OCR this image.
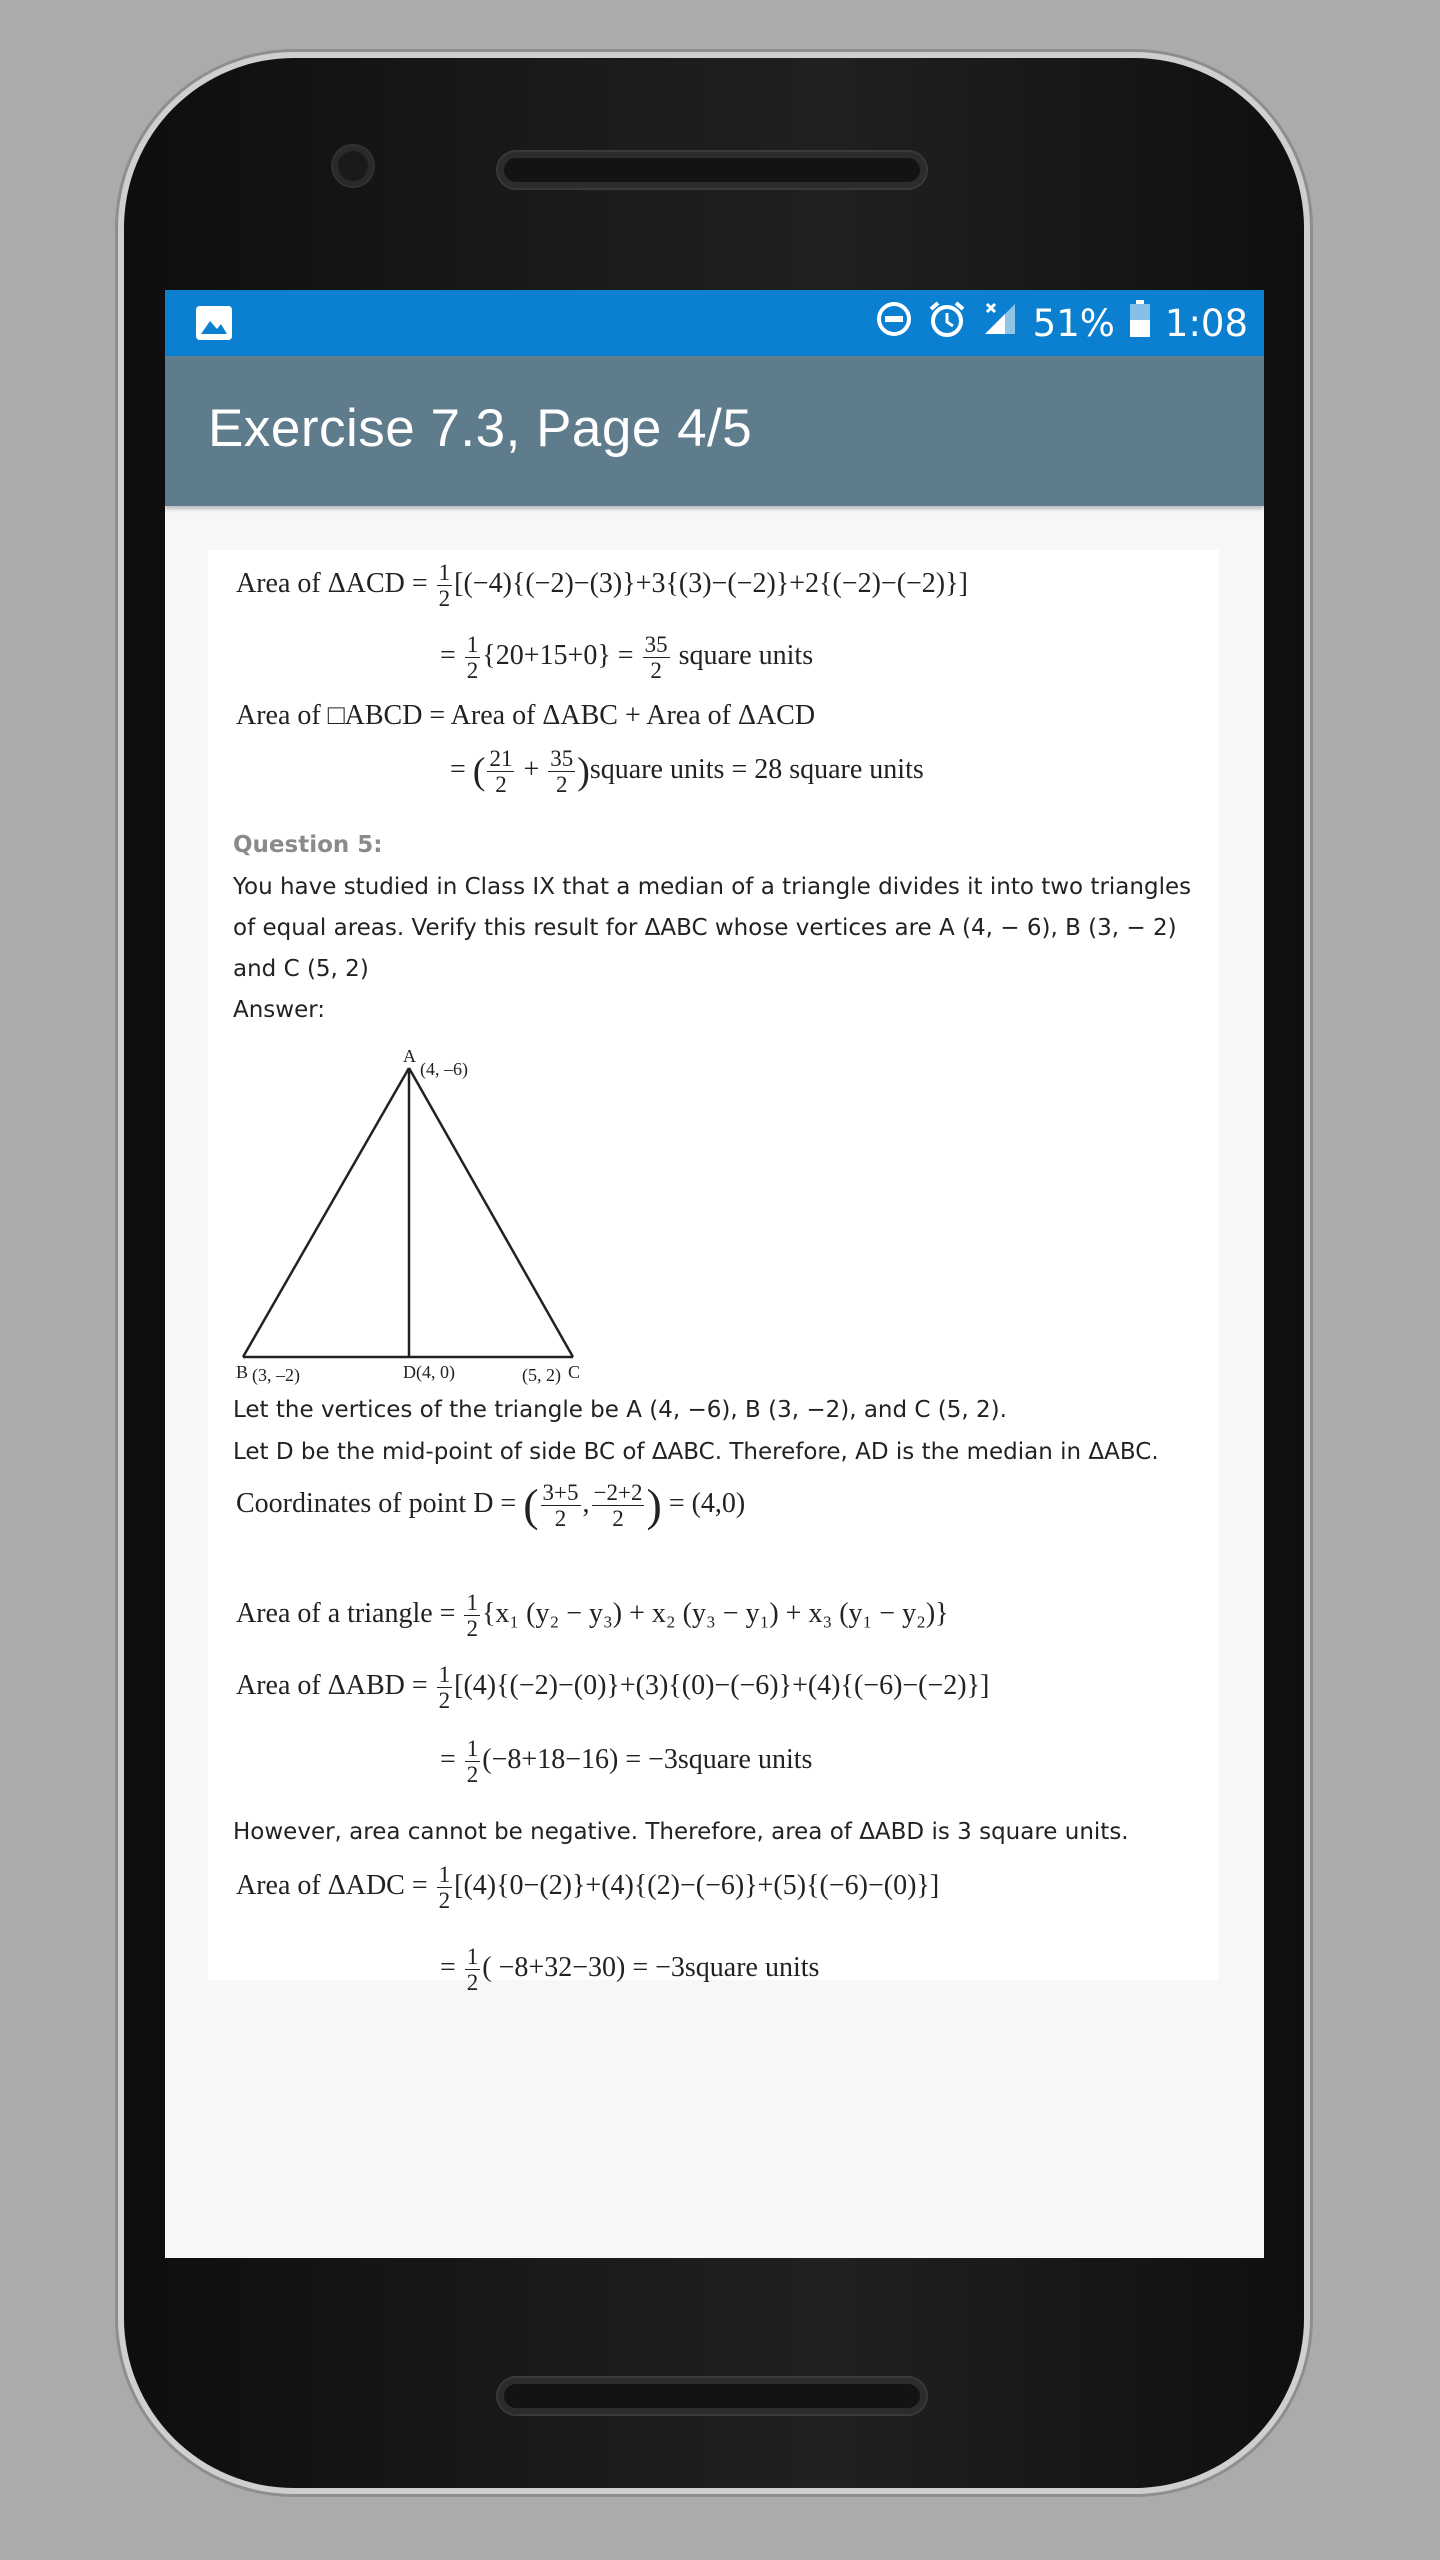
51% 1:08
Exercise 7.3, Page 4/5
Area of $\Delta ACD = \frac{1}{2} [(-4)\{(-2)-(3)\}+3\{(3)-(-2)\}+2\{(-2)-(-2)\}]$
= $\frac{1}{2} \{20+15+0\} = \frac{35}{2}$ square units
Area of □ABCD = Area of ΔABC + Area of ΔACD
= ( $\frac{21}{2} + \frac{35}{2}$ )square units = 28 square units
Question 5:
You have studied in Class IX that a median of a triangle divides it into two triangles
of equal areas. Verify this result for ΔABC whose vertices are A (4, − 6), B (3, − 2)
and C (5, 2)
Answer:
A
(4, –6)
B (3, –2)	D(4, 0)	(5, 2) C
Let the vertices of the triangle be A (4, −6), B (3, −2), and C (5, 2).
Let D be the mid-point of side BC of ΔABC. Therefore, AD is the median in ΔABC.
Coordinates of point D = ( $\frac{3+5}{2}$ , $\frac{-2+2}{2}$ ) = (4,0)
Area of a triangle = $\frac{1}{2} \{x_1$ (y₂ − y₃) + x₂ (y₃ − y₁) + x₃ (y₁ − y₂)}
Area of $\Delta ABD = \frac{1}{2} [(4)\{(-2)-(0)\}+(3)\{(0)-(-6)\}+(4)\{(-6)-(-2)\}]$
= $\frac{1}{2} (-8+18-16)$ = −3square units
However, area cannot be negative. Therefore, area of ΔABD is 3 square units.
Area of $\Delta ADC = \frac{1}{2} [(4)\{0-(2)\}+(4)\{(2)-(-6)\}+(5)\{(-6)-(0)\}]$
= $\frac{1}{2}$ ( −8+32−30) = −3square units
